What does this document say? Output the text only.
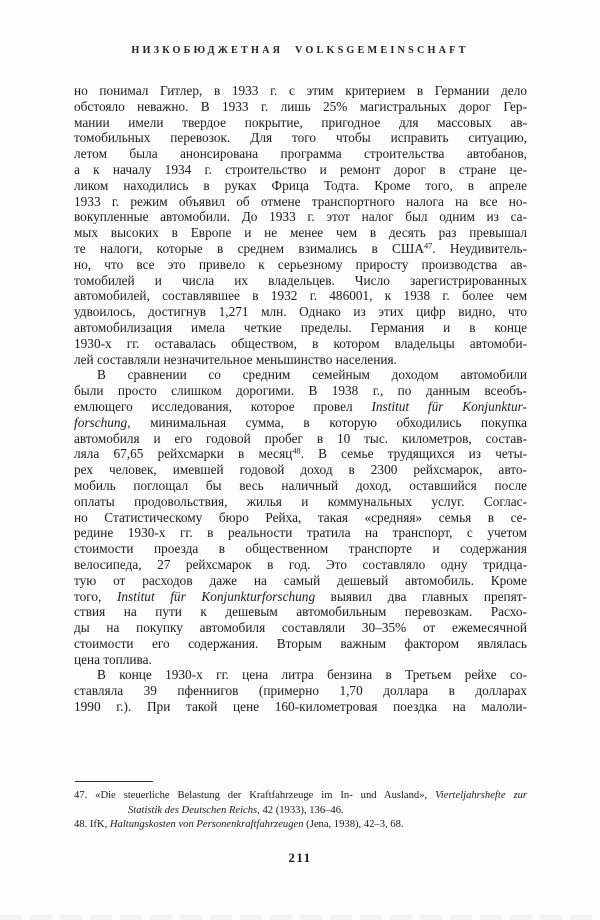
НИЗКОБЮДЖЕТНАЯ VOLKSGEMEINSCHAFT
но понимал Гитлер, в 1933 г. с этим критерием в Германии дело
обстояло неважно. В 1933 г. лишь 25% магистральных дорог Гер-
мании имели твердое покрытие, пригодное для массовых ав-
томобильных перевозок. Для того чтобы исправить ситуацию,
летом была анонсирована программа строительства автобанов,
а к началу 1934 г. строительство и ремонт дорог в стране це-
ликом находились в руках Фрица Тодта. Кроме того, в апреле
1933 г. режим объявил об отмене транспортного налога на все но-
вокупленные автомобили. До 1933 г. этот налог был одним из са-
мых высоких в Европе и не менее чем в десять раз превышал
те налоги, которые в среднем взимались в США$^{47}$. Неудивитель-
но, что все это привело к серьезному приросту производства ав-
томобилей и числа их владельцев. Число зарегистрированных
автомобилей, составлявшее в 1932 г. 486001, к 1938 г. более чем
удвоилось, достигнув 1,271 млн. Однако из этих цифр видно, что
автомобилизация имела четкие пределы. Германия и в конце
1930-х гг. оставалась обществом, в котором владельцы автомоби-
лей составляли незначительное меньшинство населения.
В сравнении со средним семейным доходом автомобили
были просто слишком дорогими. В 1938 г., по данным всеобъ-
емлющего исследования, которое провел Institut für Konjunktur-
forschung, минимальная сумма, в которую обходились покупка
автомобиля и его годовой пробег в 10 тыс. километров, состав-
ляла 67,65 рейхсмарки в месяц$^{48}$. В семье трудящихся из четы-
рех человек, имевшей годовой доход в 2300 рейхсмарок, авто-
мобиль поглощал бы весь наличный доход, оставшийся после
оплаты продовольствия, жилья и коммунальных услуг. Соглас-
но Статистическому бюро Рейха, такая «средняя» семья в се-
редине 1930-х гг. в реальности тратила на транспорт, с учетом
стоимости проезда в общественном транспорте и содержания
велосипеда, 27 рейхсмарок в год. Это составляло одну тридца-
тую от расходов даже на самый дешевый автомобиль. Кроме
того, Institut für Konjunkturforschung выявил два главных препят-
ствия на пути к дешевым автомобильным перевозкам. Расхо-
ды на покупку автомобиля составляли 30–35% от ежемесячной
стоимости его содержания. Вторым важным фактором являлась
цена топлива.
В конце 1930-х гг. цена литра бензина в Третьем рейхе со-
ставляла 39 пфеннигов (примерно 1,70 доллара в долларах
1990 г.). При такой цене 160-километровая поездка на малоли-
47. «Die steuerliche Belastung der Kraftfahrzeuge im In- und Ausland», Vierteljahrshefte zur
Statistik des Deutschen Reichs, 42 (1933), 136–46.
48. IfK, Haltungskosten von Personenkraftfahrzeugen (Jena, 1938), 42–3, 68.
211
